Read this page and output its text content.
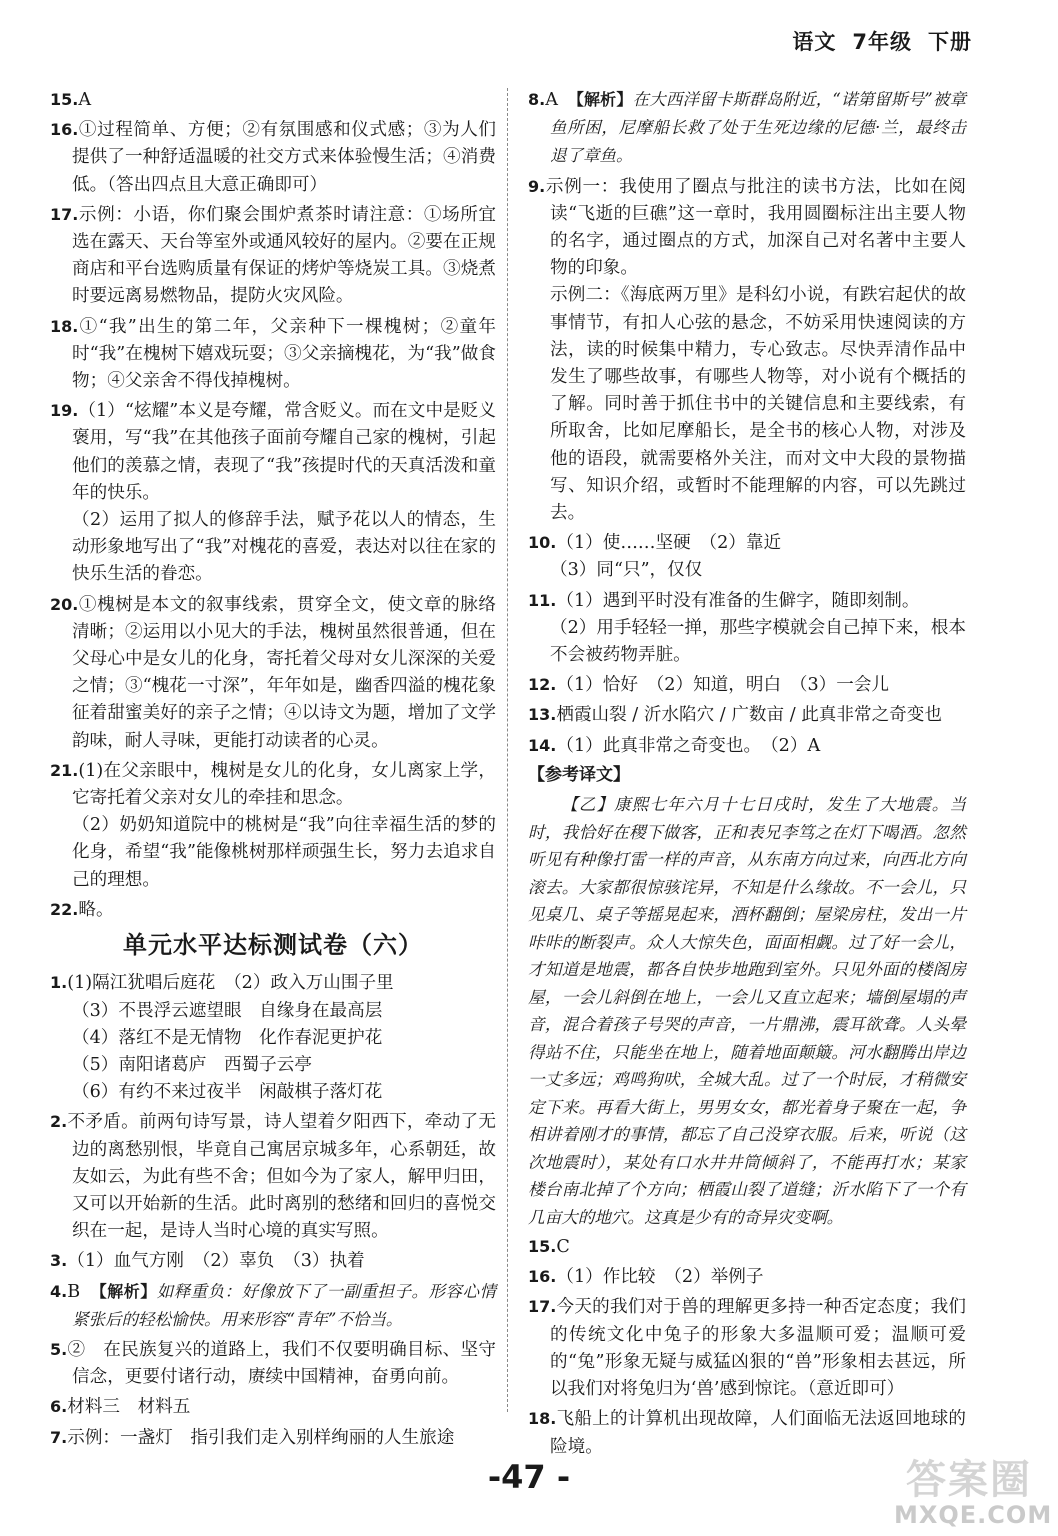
语文 7年级 下册
15.A
16.①过程简单、方便；②有氛围感和仪式感；③为人们提供了一种舒适温暖的社交方式来体验慢生活；④消费低。（答出四点且大意正确即可）
17.示例：小语，你们聚会围炉煮茶时请注意：①场所宜选在露天、天台等室外或通风较好的屋内。②要在正规商店和平台选购质量有保证的烤炉等烧炭工具。③烧煮时要远离易燃物品，提防火灾风险。
18.①“我”出生的第二年，父亲种下一棵槐树；②童年时“我”在槐树下嬉戏玩耍；③父亲摘槐花，为“我”做食物；④父亲舍不得伐掉槐树。
19.（1）“炫耀”本义是夸耀，常含贬义。而在文中是贬义褒用，写“我”在其他孩子面前夸耀自己家的槐树，引起他们的羡慕之情，表现了“我”孩提时代的天真活泼和童年的快乐。
（2）运用了拟人的修辞手法，赋予花以人的情态，生动形象地写出了“我”对槐花的喜爱，表达对以往在家的快乐生活的眷恋。
20.①槐树是本文的叙事线索，贯穿全文，使文章的脉络清晰；②运用以小见大的手法，槐树虽然很普通，但在父母心中是女儿的化身，寄托着父母对女儿深深的关爱之情；③“槐花一寸深”，年年如是，幽香四溢的槐花象征着甜蜜美好的亲子之情；④以诗文为题，增加了文学韵味，耐人寻味，更能打动读者的心灵。
21.(1)在父亲眼中，槐树是女儿的化身，女儿离家上学，它寄托着父亲对女儿的牵挂和思念。
（2）奶奶知道院中的桃树是“我”向往幸福生活的梦的化身，希望“我”能像桃树那样顽强生长，努力去追求自己的理想。
22.略。
单元水平达标测试卷（六）
1.(1)隔江犹唱后庭花　（2）政入万山围子里
（3）不畏浮云遮望眼　自缘身在最高层
（4）落红不是无情物　化作春泥更护花
（5）南阳诸葛庐　西蜀子云亭
（6）有约不来过夜半　闲敲棋子落灯花
2.不矛盾。前两句诗写景，诗人望着夕阳西下，牵动了无边的离愁别恨，毕竟自己寓居京城多年，心系朝廷，故友如云，为此有些不舍；但如今为了家人，解甲归田，又可以开始新的生活。此时离别的愁绪和回归的喜悦交织在一起，是诗人当时心境的真实写照。
3.（1）血气方刚　（2）辜负　（3）执着
4.B　 【解析】如释重负：好像放下了一副重担子。形容心情紧张后的轻松愉快。用来形容“青年”不恰当。
5.②　在民族复兴的道路上，我们不仅要明确目标、坚守信念，更要付诸行动，赓续中国精神，奋勇向前。
6.材料三　材料五
7.示例：一盏灯　指引我们走入别样绚丽的人生旅途
8.A　 【解析】在大西洋留卡斯群岛附近，“诺第留斯号”被章鱼所困，尼摩船长救了处于生死边缘的尼德·兰，最终击退了章鱼。
9.示例一：我使用了圈点与批注的读书方法，比如在阅读“飞逝的巨礁”这一章时，我用圆圈标注出主要人物的名字，通过圈点的方式，加深自己对名著中主要人物的印象。
示例二：《海底两万里》是科幻小说，有跌宕起伏的故事情节，有扣人心弦的悬念，不妨采用快速阅读的方法，读的时候集中精力，专心致志。尽快弄清作品中发生了哪些故事，有哪些人物等，对小说有个概括的了解。同时善于抓住书中的关键信息和主要线索，有所取舍，比如尼摩船长，是全书的核心人物，对涉及他的语段，就需要格外关注，而对文中大段的景物描写、知识介绍，或暂时不能理解的内容，可以先跳过去。
10.（1）使……坚硬　（2）靠近
（3）同“只”，仅仅
11.（1）遇到平时没有准备的生僻字，随即刻制。
（2）用手轻轻一掸，那些字模就会自己掉下来，根本不会被药物弄脏。
12.（1）恰好　（2）知道，明白　（3）一会儿
13.栖霞山裂 / 沂水陷穴 / 广数亩 / 此真非常之奇变也
14.（1）此真非常之奇变也。　（2）A
【参考译文】
【乙】康熙七年六月十七日戌时，发生了大地震。当时，我恰好在稷下做客，正和表兄李笃之在灯下喝酒。忽然听见有种像打雷一样的声音，从东南方向过来，向西北方向滚去。大家都很惊骇诧异，不知是什么缘故。不一会儿，只见桌几、桌子等摇晃起来，酒杯翻倒；屋梁房柱，发出一片咔咔的断裂声。众人大惊失色，面面相觑。过了好一会儿，才知道是地震，都各自快步地跑到室外。只见外面的楼阁房屋，一会儿斜倒在地上，一会儿又直立起来；墙倒屋塌的声音，混合着孩子号哭的声音，一片鼎沸，震耳欲聋。人头晕得站不住，只能坐在地上，随着地面颠簸。河水翻腾出岸边一丈多远；鸡鸣狗吠，全城大乱。过了一个时辰，才稍微安定下来。再看大街上，男男女女，都光着身子聚在一起，争相讲着刚才的事情，都忘了自己没穿衣服。后来，听说（这次地震时），某处有口水井井筒倾斜了，不能再打水；某家楼台南北掉了个方向；栖霞山裂了道缝；沂水陷下了一个有几亩大的地穴。这真是少有的奇异灾变啊。
15.C
16.（1）作比较　（2）举例子
17.今天的我们对于兽的理解更多持一种否定态度；我们的传统文化中兔子的形象大多温顺可爱；温顺可爱的“兔”形象无疑与威猛凶狠的“兽”形象相去甚远，所以我们对将兔归为‘兽’感到惊诧。（意近即可）
18.飞船上的计算机出现故障，人们面临无法返回地球的险境。
-47 -	答案圈
MXQE.COM
